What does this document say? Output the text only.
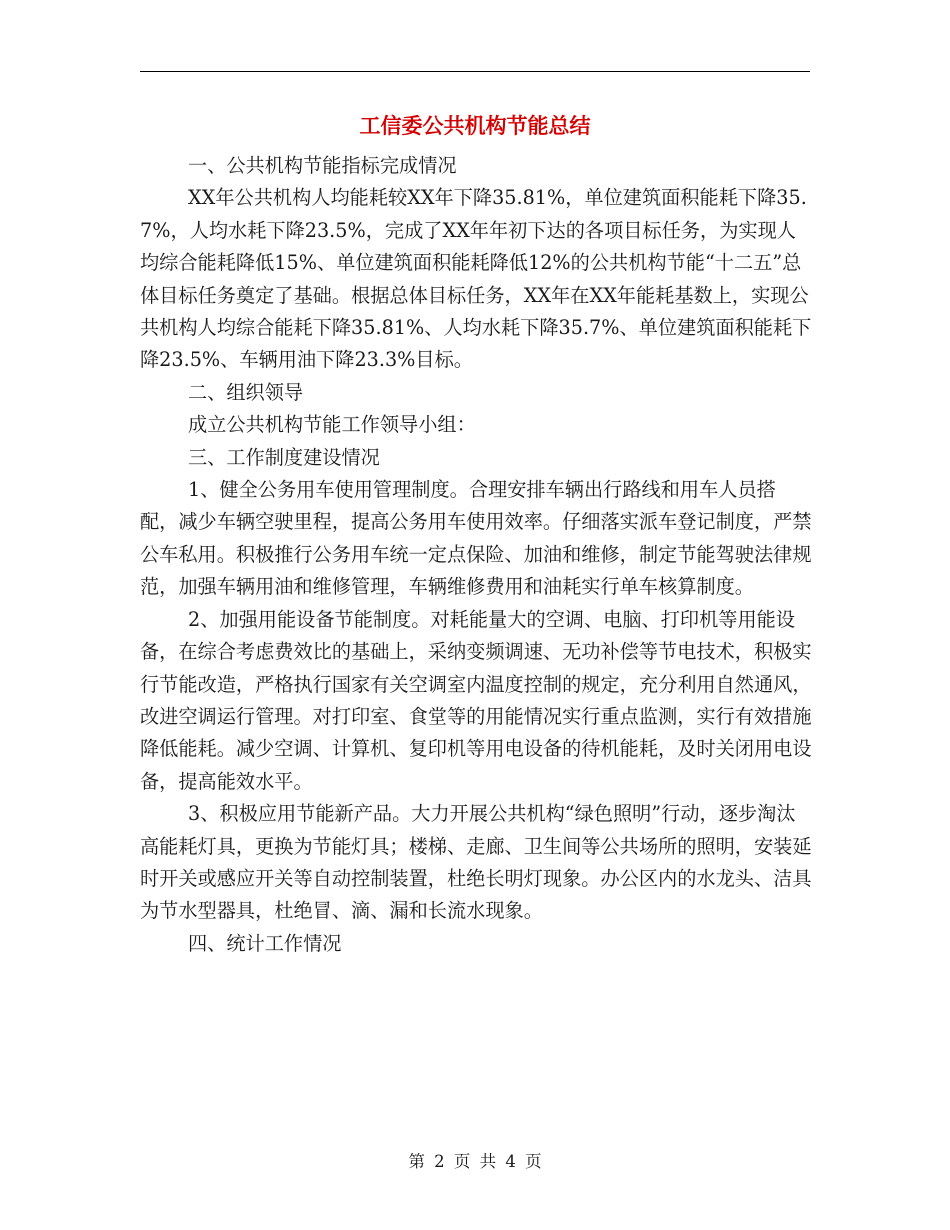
工信委公共机构节能总结

一、公共机构节能指标完成情况

XX年公共机构人均能耗较XX年下降35.81%，单位建筑面积能耗下降35.7%，人均水耗下降23.5%，完成了XX年年初下达的各项目标任务，为实现人均综合能耗降低15%、单位建筑面积能耗降低12%的公共机构节能“十二五”总体目标任务奠定了基础。根据总体目标任务，XX年在XX年能耗基数上，实现公共机构人均综合能耗下降35.81%、人均水耗下降35.7%、单位建筑面积能耗下降23.5%、车辆用油下降23.3%目标。

二、组织领导

成立公共机构节能工作领导小组：

三、工作制度建设情况

1、健全公务用车使用管理制度。合理安排车辆出行路线和用车人员搭配，减少车辆空驶里程，提高公务用车使用效率。仔细落实派车登记制度，严禁公车私用。积极推行公务用车统一定点保险、加油和维修，制定节能驾驶法律规范，加强车辆用油和维修管理，车辆维修费用和油耗实行单车核算制度。

2、加强用能设备节能制度。对耗能量大的空调、电脑、打印机等用能设备，在综合考虑费效比的基础上，采纳变频调速、无功补偿等节电技术，积极实行节能改造，严格执行国家有关空调室内温度控制的规定，充分利用自然通风，改进空调运行管理。对打印室、食堂等的用能情况实行重点监测，实行有效措施降低能耗。减少空调、计算机、复印机等用电设备的待机能耗，及时关闭用电设备，提高能效水平。

3、积极应用节能新产品。大力开展公共机构“绿色照明”行动，逐步淘汰高能耗灯具，更换为节能灯具；楼梯、走廊、卫生间等公共场所的照明，安装延时开关或感应开关等自动控制装置，杜绝长明灯现象。办公区内的水龙头、洁具为节水型器具，杜绝冒、滴、漏和长流水现象。

四、统计工作情况

第 2 页 共 4 页
